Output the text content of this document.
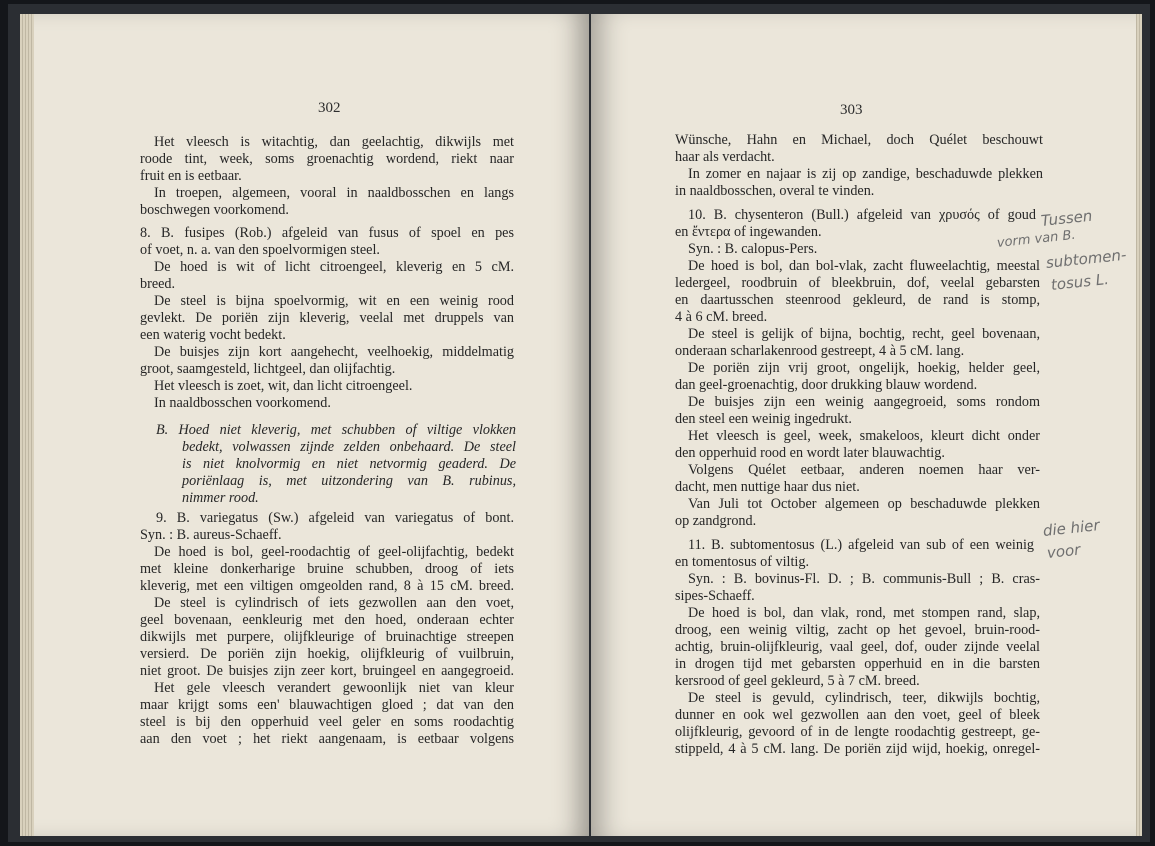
302
Het vleesch is witachtig, dan geelachtig, dikwijls met
roode tint, week, soms groenachtig wordend, riekt naar
fruit en is eetbaar.
In troepen, algemeen, vooral in naaldbosschen en langs
boschwegen voorkomend.
8. B. fusipes (Rob.) afgeleid van fusus of spoel en pes
of voet, n. a. van den spoelvormigen steel.
De hoed is wit of licht citroengeel, kleverig en 5 cM.
breed.
De steel is bijna spoelvormig, wit en een weinig rood
gevlekt. De poriën zijn kleverig, veelal met druppels van
een waterig vocht bedekt.
De buisjes zijn kort aangehecht, veelhoekig, middelmatig
groot, saamgesteld, lichtgeel, dan olijfachtig.
Het vleesch is zoet, wit, dan licht citroengeel.
In naaldbosschen voorkomend.
B. Hoed niet kleverig, met schubben of viltige vlokken
bedekt, volwassen zijnde zelden onbehaard. De steel
is niet knolvormig en niet netvormig geaderd. De
poriënlaag is, met uitzondering van B. rubinus,
nimmer rood.
9. B. variegatus (Sw.) afgeleid van variegatus of bont.
Syn. : B. aureus-Schaeff.
De hoed is bol, geel-roodachtig of geel-olijfachtig, bedekt
met kleine donkerharige bruine schubben, droog of iets
kleverig, met een viltigen omgeolden rand, 8 à 15 cM. breed.
De steel is cylindrisch of iets gezwollen aan den voet,
geel bovenaan, eenkleurig met den hoed, onderaan echter
dikwijls met purpere, olijfkleurige of bruinachtige streepen
versierd. De poriën zijn hoekig, olijfkleurig of vuilbruin,
niet groot. De buisjes zijn zeer kort, bruingeel en aangegroeid.
Het gele vleesch verandert gewoonlijk niet van kleur
maar krijgt soms een' blauwachtigen gloed ; dat van den
steel is bij den opperhuid veel geler en soms roodachtig
aan den voet ; het riekt aangenaam, is eetbaar volgens
303
Wünsche, Hahn en Michael, doch Quélet beschouwt
haar als verdacht.
In zomer en najaar is zij op zandige, beschaduwde plekken
in naaldbosschen, overal te vinden.
10. B. chysenteron (Bull.) afgeleid van χρυσός of goud
en ἔντερα of ingewanden.
Syn. : B. calopus-Pers.
De hoed is bol, dan bol-vlak, zacht fluweelachtig, meestal
ledergeel, roodbruin of bleekbruin, dof, veelal gebarsten
en daartusschen steenrood gekleurd, de rand is stomp,
4 à 6 cM. breed.
De steel is gelijk of bijna, bochtig, recht, geel bovenaan,
onderaan scharlakenrood gestreept, 4 à 5 cM. lang.
De poriën zijn vrij groot, ongelijk, hoekig, helder geel,
dan geel-groenachtig, door drukking blauw wordend.
De buisjes zijn een weinig aangegroeid, soms rondom
den steel een weinig ingedrukt.
Het vleesch is geel, week, smakeloos, kleurt dicht onder
den opperhuid rood en wordt later blauwachtig.
Volgens Quélet eetbaar, anderen noemen haar ver-
dacht, men nuttige haar dus niet.
Van Juli tot October algemeen op beschaduwde plekken
op zandgrond.
11. B. subtomentosus (L.) afgeleid van sub of een weinig
en tomentosus of viltig.
Syn. : B. bovinus-Fl. D. ; B. communis-Bull ; B. cras-
sipes-Schaeff.
De hoed is bol, dan vlak, rond, met stompen rand, slap,
droog, een weinig viltig, zacht op het gevoel, bruin-rood-
achtig, bruin-olijfkleurig, vaal geel, dof, ouder zijnde veelal
in drogen tijd met gebarsten opperhuid en in die barsten
kersrood of geel gekleurd, 5 à 7 cM. breed.
De steel is gevuld, cylindrisch, teer, dikwijls bochtig,
dunner en ook wel gezwollen aan den voet, geel of bleek
olijfkleurig, gevoord of in de lengte roodachtig gestreept, ge-
stippeld, 4 à 5 cM. lang. De poriën zijd wijd, hoekig, onregel-
Tussen
vorm van B.
subtomen-
tosus L.
die hier
voor
